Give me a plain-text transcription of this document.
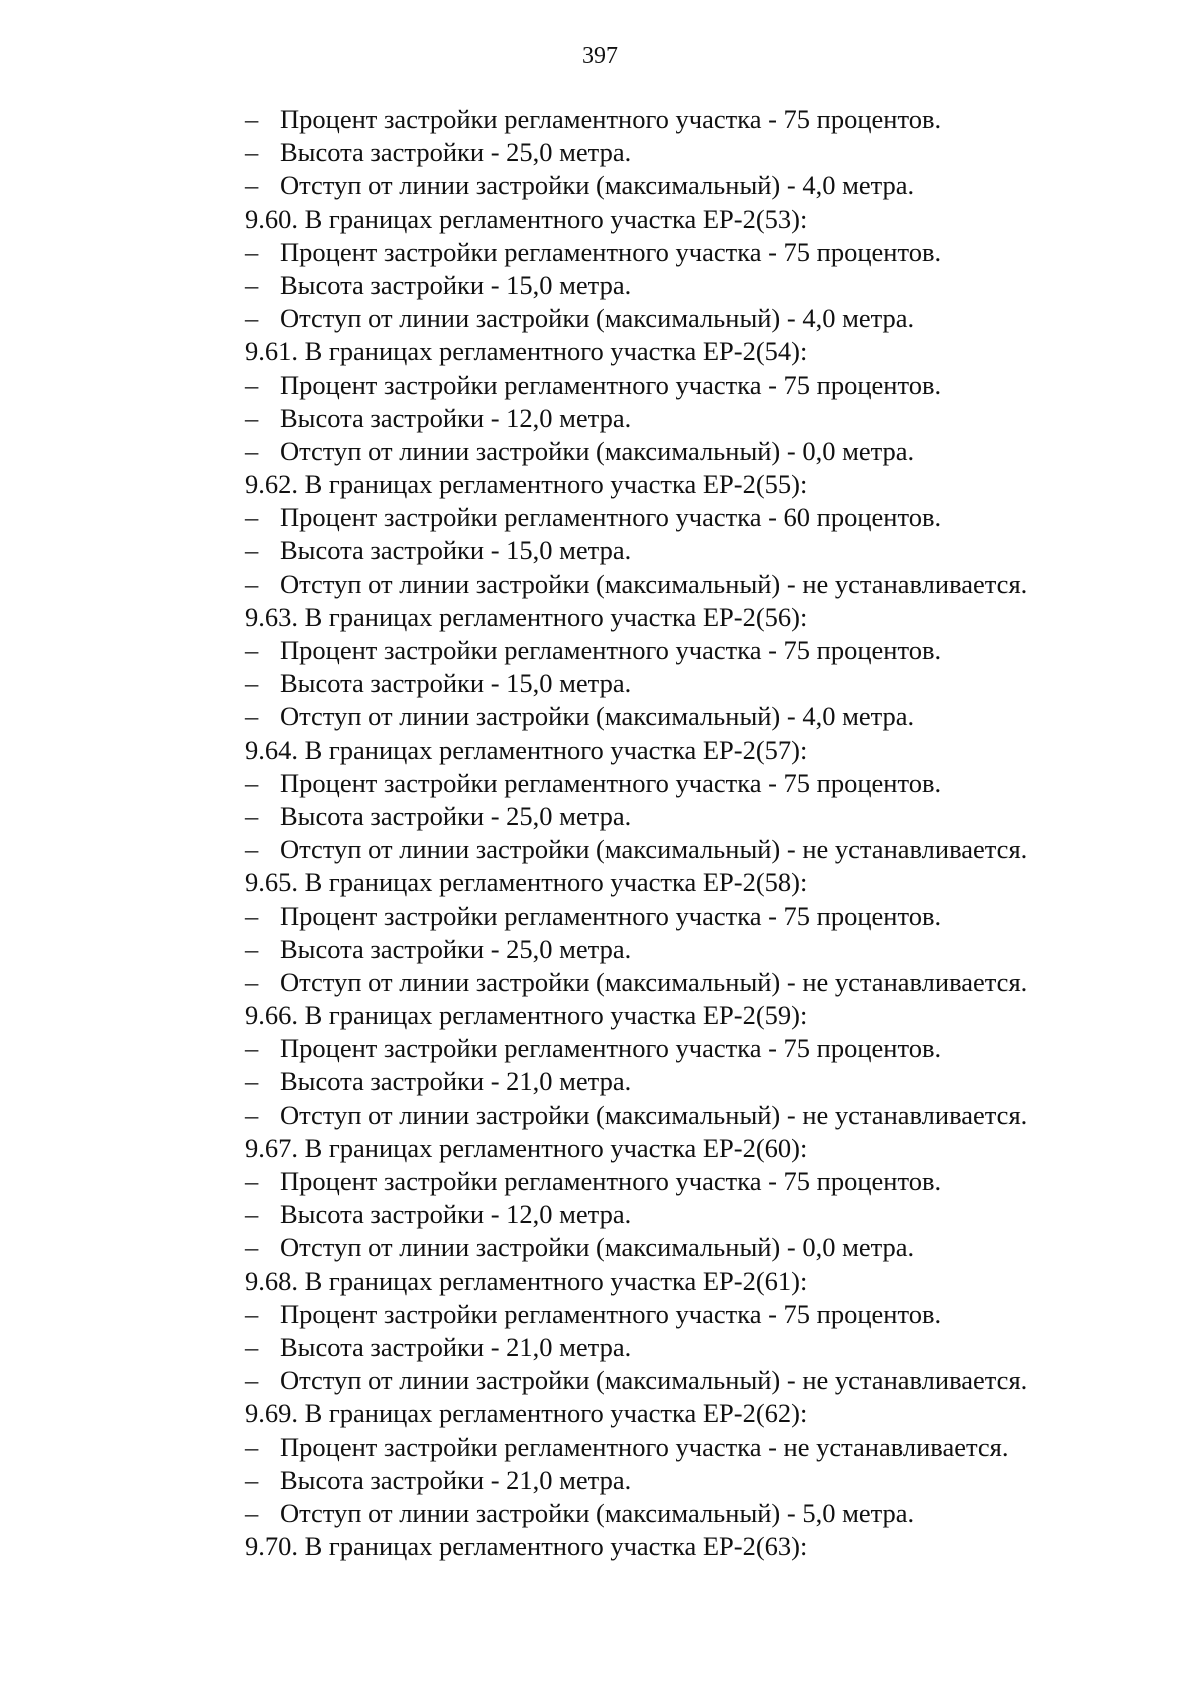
397
– Процент застройки регламентного участка - 75 процентов.
– Высота застройки - 25,0 метра.
– Отступ от линии застройки (максимальный) - 4,0 метра.
9.60. В границах регламентного участка ЕР-2(53):
– Процент застройки регламентного участка - 75 процентов.
– Высота застройки - 15,0 метра.
– Отступ от линии застройки (максимальный) - 4,0 метра.
9.61. В границах регламентного участка ЕР-2(54):
– Процент застройки регламентного участка - 75 процентов.
– Высота застройки - 12,0 метра.
– Отступ от линии застройки (максимальный) - 0,0 метра.
9.62. В границах регламентного участка ЕР-2(55):
– Процент застройки регламентного участка - 60 процентов.
– Высота застройки - 15,0 метра.
– Отступ от линии застройки (максимальный) - не устанавливается.
9.63. В границах регламентного участка ЕР-2(56):
– Процент застройки регламентного участка - 75 процентов.
– Высота застройки - 15,0 метра.
– Отступ от линии застройки (максимальный) - 4,0 метра.
9.64. В границах регламентного участка ЕР-2(57):
– Процент застройки регламентного участка - 75 процентов.
– Высота застройки - 25,0 метра.
– Отступ от линии застройки (максимальный) - не устанавливается.
9.65. В границах регламентного участка ЕР-2(58):
– Процент застройки регламентного участка - 75 процентов.
– Высота застройки - 25,0 метра.
– Отступ от линии застройки (максимальный) - не устанавливается.
9.66. В границах регламентного участка ЕР-2(59):
– Процент застройки регламентного участка - 75 процентов.
– Высота застройки - 21,0 метра.
– Отступ от линии застройки (максимальный) - не устанавливается.
9.67. В границах регламентного участка ЕР-2(60):
– Процент застройки регламентного участка - 75 процентов.
– Высота застройки - 12,0 метра.
– Отступ от линии застройки (максимальный) - 0,0 метра.
9.68. В границах регламентного участка ЕР-2(61):
– Процент застройки регламентного участка - 75 процентов.
– Высота застройки - 21,0 метра.
– Отступ от линии застройки (максимальный) - не устанавливается.
9.69. В границах регламентного участка ЕР-2(62):
– Процент застройки регламентного участка - не устанавливается.
– Высота застройки - 21,0 метра.
– Отступ от линии застройки (максимальный) - 5,0 метра.
9.70. В границах регламентного участка ЕР-2(63):
